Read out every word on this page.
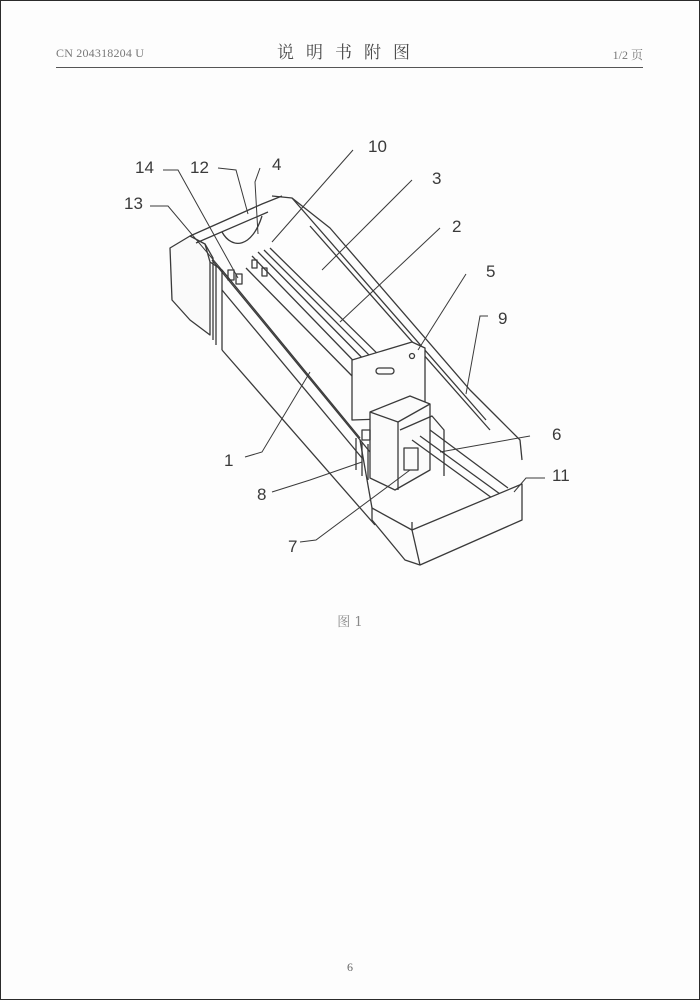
CN 204318204 U	说明书附图	1/2 页
1
2
3
4
5
6
7
8
9
10
11
12
13
14
图 1
6
